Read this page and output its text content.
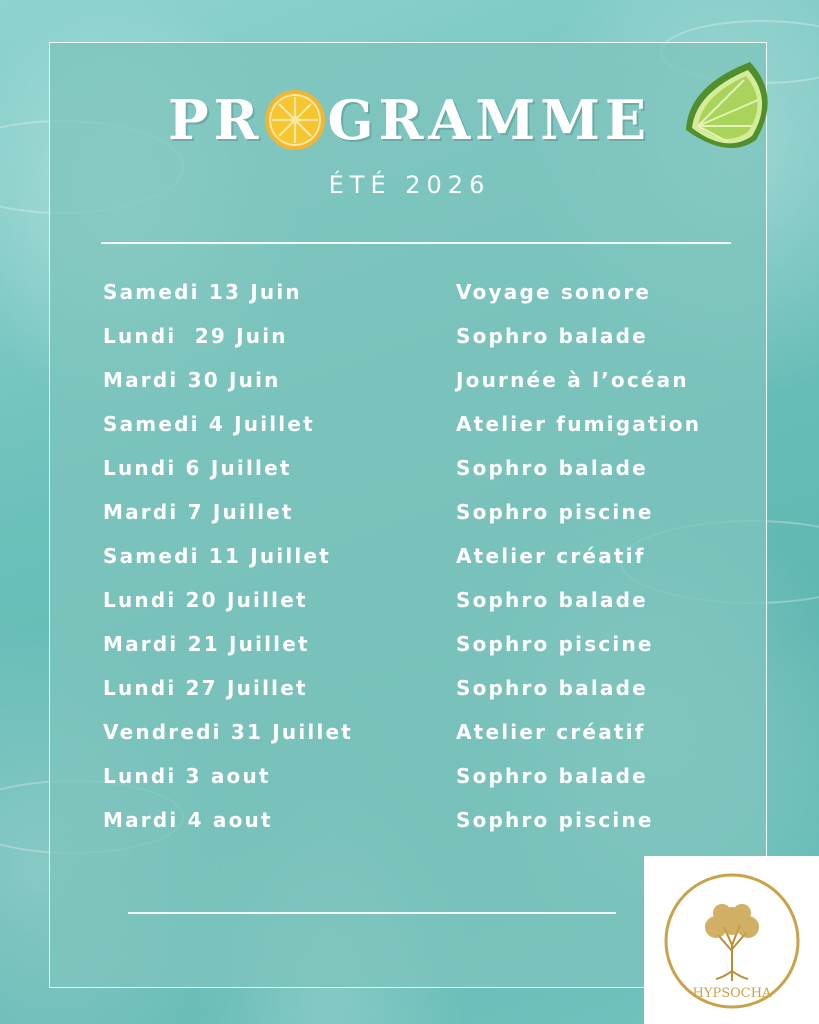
PR GRAMME
ÉTÉ 2026
Samedi 13 Juin	Voyage sonore
Lundi  29 Juin	Sophro balade
Mardi 30 Juin	Journée à l’océan
Samedi 4 Juillet	Atelier fumigation
Lundi 6 Juillet	Sophro balade
Mardi 7 Juillet	Sophro piscine
Samedi 11 Juillet	Atelier créatif
Lundi 20 Juillet	Sophro balade
Mardi 21 Juillet	Sophro piscine
Lundi 27 Juillet	Sophro balade
Vendredi 31 Juillet	Atelier créatif
Lundi 3 aout	Sophro balade
Mardi 4 aout	Sophro piscine
HYPSOCHA
